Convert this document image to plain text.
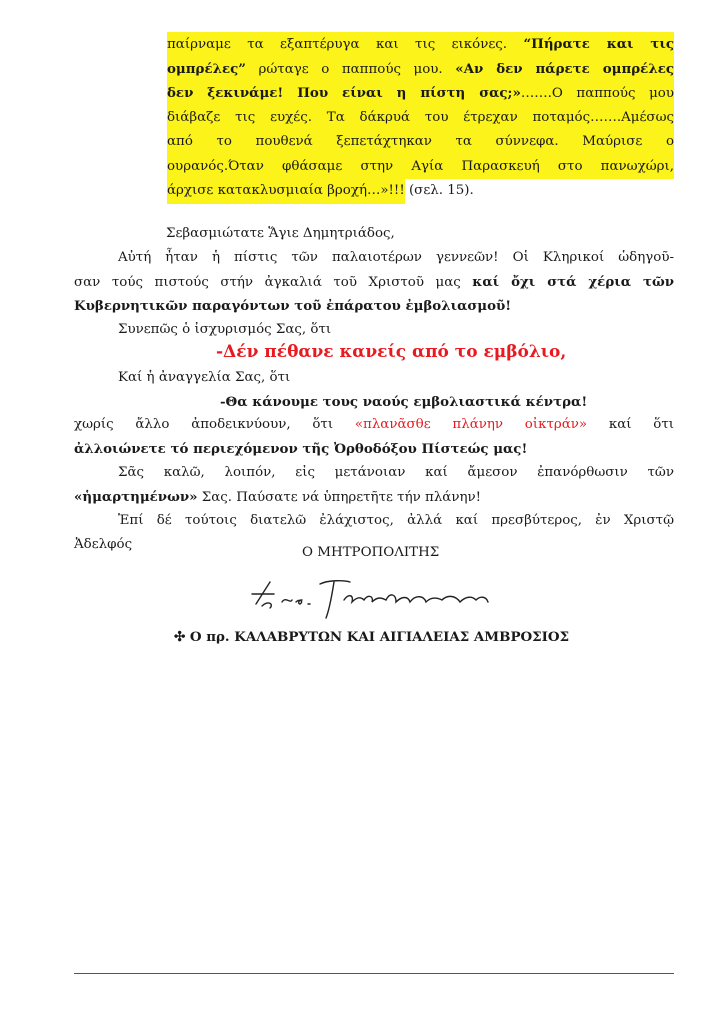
παίρναμε τα εξαπτέρυγα και τις εικόνες. “Πήρατε και τις
ομπρέλες” ρώταγε ο παππούς μου. «Αν δεν πάρετε ομπρέλες
δεν ξεκινάμε! Που είναι η πίστη σας;»…….Ο παππούς μου
διάβαζε τις ευχές. Τα δάκρυά του έτρεχαν ποταμός…….Αμέσως
από το πουθενά ξεπετάχτηκαν τα σύννεφα. Μαύρισε ο
ουρανός.Όταν φθάσαμε στην Αγία Παρασκευή στο πανωχώρι,
άρχισε κατακλυσμιαία βροχή…»!!! (σελ. 15).
Σεβασμιώτατε Ἅγιε Δημητριάδος,
Αὐτή ἦταν ἡ πίστις τῶν παλαιοτέρων γεννεῶν! Οἱ Κληρικοί ὡδηγοῦ-
σαν τούς πιστούς στήν ἀγκαλιά τοῦ Χριστοῦ μας καί ὄχι στά χέρια τῶν
Κυβερνητικῶν παραγόντων τοῦ ἐπάρατου ἐμβολιασμοῦ!
Συνεπῶς ὁ ἰσχυρισμός Σας, ὅτι
-Δέν πέθανε κανείς από το εμβόλιο,
Καί ἡ ἀναγγελία Σας, ὅτι
-Θα κάνουμε τους ναούς εμβολιαστικά κέντρα!
χωρίς ἄλλο ἀποδεικνύουν, ὅτι «πλανᾶσθε πλάνην οἰκτράν» καί ὅτι
ἀλλοιώνετε τό περιεχόμενον τῆς Ὀρθοδόξου Πίστεώς μας!
Σᾶς καλῶ, λοιπόν, εἰς μετάνοιαν καί ἄμεσον ἐπανόρθωσιν τῶν
«ἡμαρτημένων» Σας. Παύσατε νά ὑπηρετῆτε τήν πλάνην!
Ἐπί δέ τούτοις διατελῶ ἐλάχιστος, ἀλλά καί πρεσβύτερος, ἐν Χριστῷ
Ἀδελφός
Ο ΜΗΤΡΟΠΟΛΙΤΗΣ
✣ Ο πρ. ΚΑΛΑΒΡΥΤΩΝ ΚΑΙ ΑΙΓΙΑΛΕΙΑΣ ΑΜΒΡΟΣΙΟΣ
